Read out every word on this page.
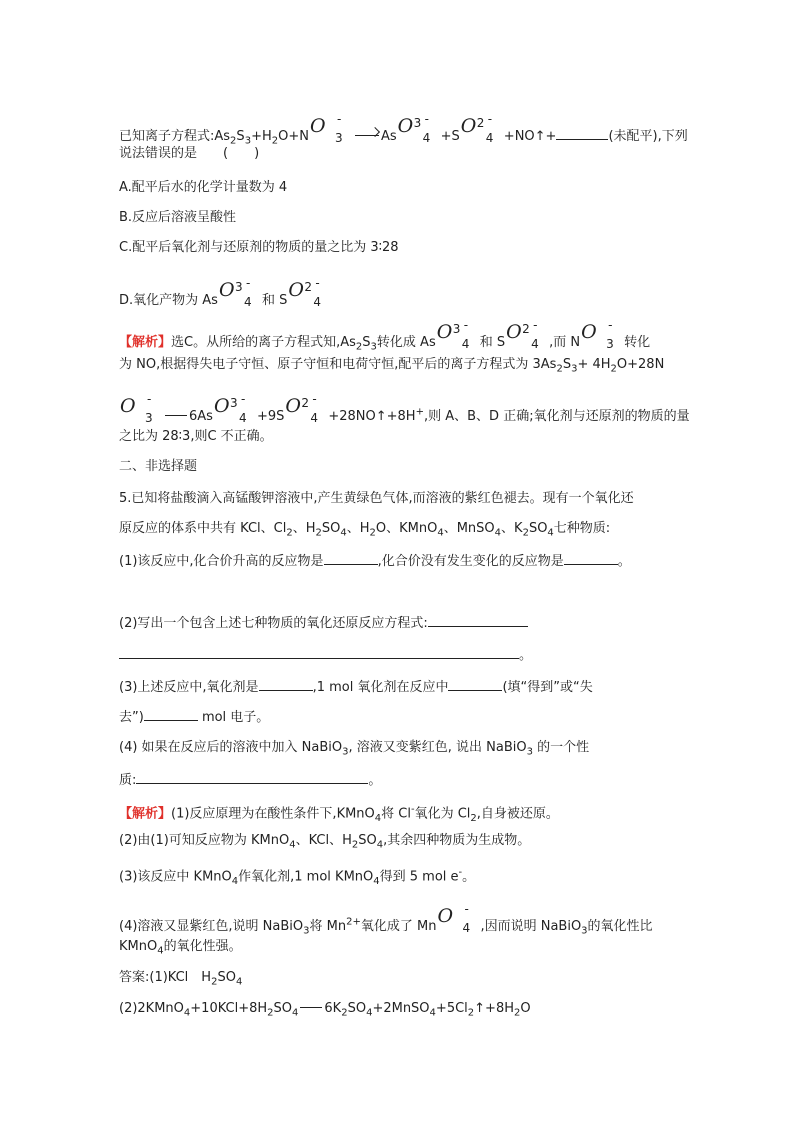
已知离子方程式$:As_2S_3+H_2O+N$ O -
3	As O 3 -
4 +S O 2 -
4 +NO↑+	(未配平),下列
说法错误的是　　(　　)
A.配平后水的化学计量数为 4
B.反应后溶液呈酸性
C.配平后氧化剂与还原剂的物质的量之比为 3∶28
D.氧化产物为 As O 3 -
4 和 S O 2 -
4
【解析】选C。从所给的离子方程式知$,As_2S_3$转化成 As O 3 -
4 和 S O 2 -
4 ,而 N O -
3 转化
为 NO,根据得失电子守恒、原子守恒和电荷守恒,配平后的离子方程式为 $3As_2S_3+ 4H_2O+28N$
O -
3	6As O 3 -
4 +9S O 2 -
4 +28NO↑+8H+,则 A、B、D 正确;氧化剂与还原剂的物质的量
之比为 28∶3,则C 不正确。
二、非选择题
5.已知将盐酸滴入高锰酸钾溶液中,产生黄绿色气体,而溶液的紫红色褪去。现有一个氧化还
原反应的体系中共有 KCl、$Cl_2$、$H_2SO_4$、$H_2O$、KMnO$_4$、MnSO$_4$、$K_2SO_4$七种物质:
(1)该反应中,化合价升高的反应物是	,化合价没有发生变化的反应物是	。
(2)写出一个包含上述七种物质的氧化还原反应方程式:
。
(3)上述反应中,氧化剂是	,1 mol 氧化剂在反应中	(填“得到”或“失
去”)	mol 电子。
(4) 如果在反应后的溶液中加入 NaBiO$_3$, 溶液又变紫红色, 说出 NaBiO$_3$ 的一个性
质:	。
【解析】(1)反应原理为在酸性条件下,KMnO$_4$将 Cl-氧化为 $Cl_2$,自身被还原。
(2)由(1)可知反应物为 KMnO$_4$、KCl、$H_2SO_4$,其余四种物质为生成物。
(3)该反应中 KMnO$_4$作氧化剂,1 mol KMnO$_4$得到 5 mol e-。
(4)溶液又显紫红色,说明 NaBiO$_3$将 $Mn^{2+}$氧化成了 Mn O -
4 ,因而说明 NaBiO$_3$的氧化性比
KMnO$_4$的氧化性强。
答案:(1)KCl　$H_2SO_4$
$(2)2KMnO_4+10KCl+8H_2SO_4$ $6K_2SO_4+2MnSO_4+5Cl_2↑+8H_2O$
